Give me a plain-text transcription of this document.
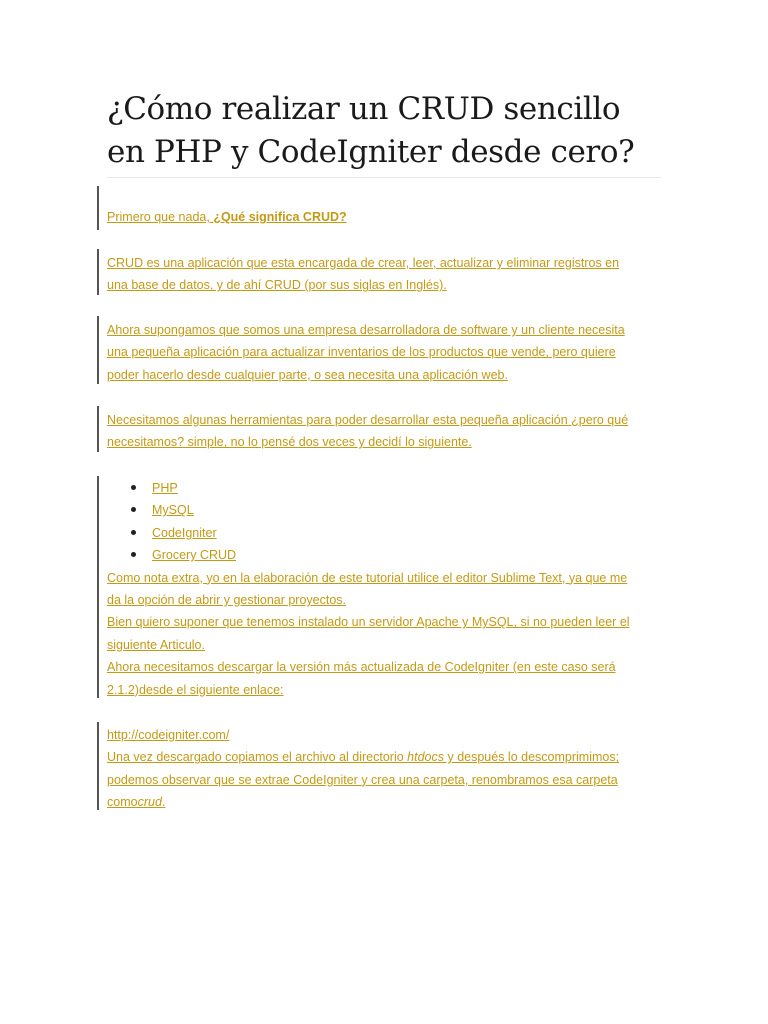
¿Cómo realizar un CRUD sencillo en PHP y CodeIgniter desde cero?
Primero que nada, ¿Qué significa CRUD?
CRUD es una aplicación que esta encargada de crear, leer, actualizar y eliminar registros en
una base de datos, y de ahí CRUD (por sus siglas en Inglés).
Ahora supongamos que somos una empresa desarrolladora de software y un cliente necesita
una pequeña aplicación para actualizar inventarios de los productos que vende, pero quiere
poder hacerlo desde cualquier parte, o sea necesita una aplicación web.
Necesitamos algunas herramientas para poder desarrollar esta pequeña aplicación ¿pero qué
necesitamos? simple, no lo pensé dos veces y decidí lo siguiente.
PHP
MySQL
CodeIgniter
Grocery CRUD
Como nota extra, yo en la elaboración de este tutorial utilice el editor Sublime Text, ya que me
da la opción de abrir y gestionar proyectos.
Bien quiero suponer que tenemos instalado un servidor Apache y MySQL, si no pueden leer el
siguiente Articulo.
Ahora necesitamos descargar la versión más actualizada de CodeIgniter (en este caso será
2.1.2)desde el siguiente enlace:
http://codeigniter.com/
Una vez descargado copiamos el archivo al directorio htdocs y después lo descomprimimos;
podemos observar que se extrae CodeIgniter y crea una carpeta, renombramos esa carpeta
comocrud.
